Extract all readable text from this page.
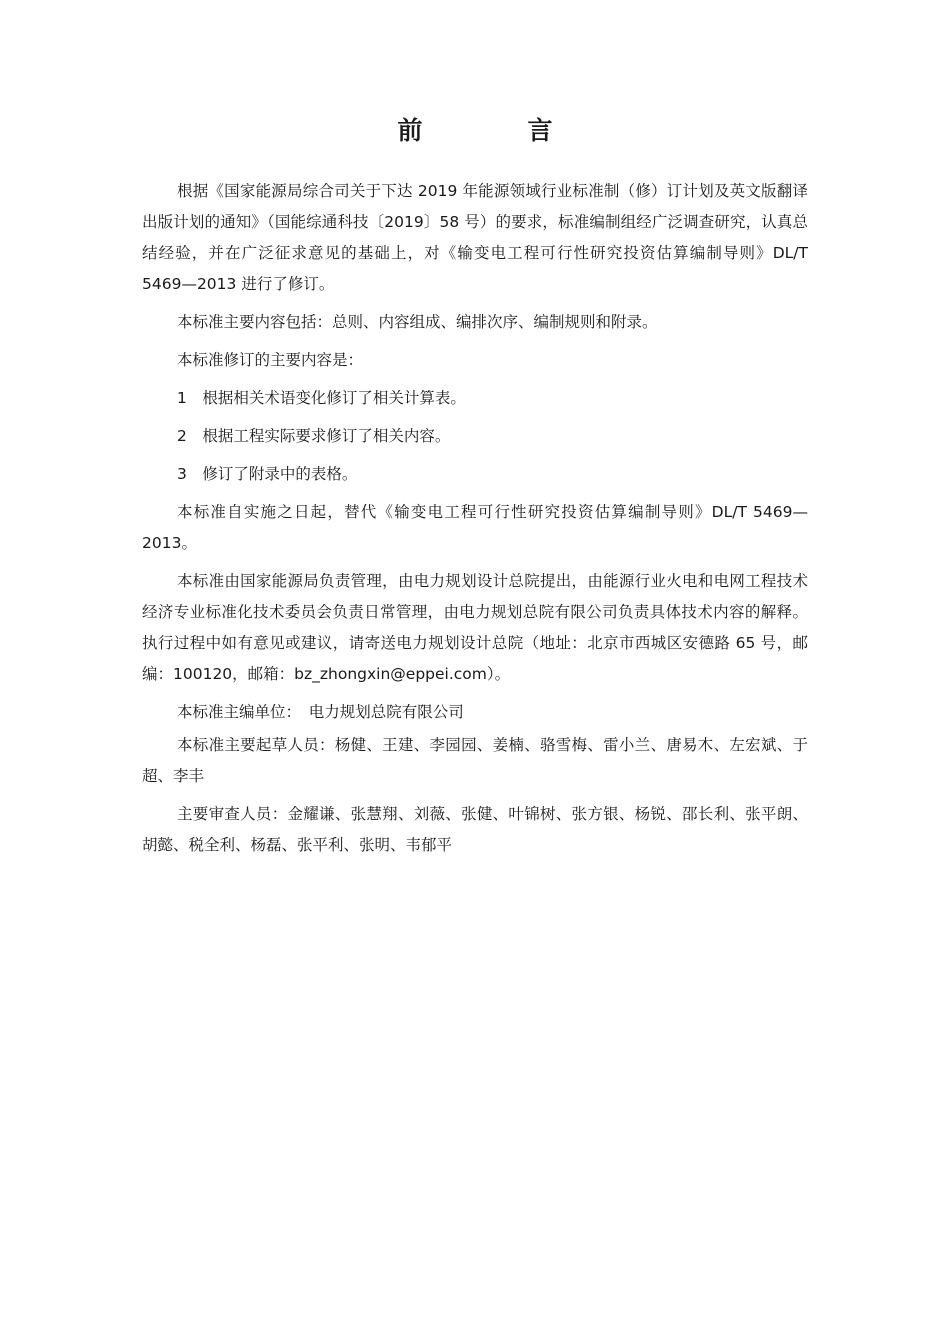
前　言

根据《国家能源局综合司关于下达 2019 年能源领域行业标准制（修）订计划及英文版翻译出版计划的通知》（国能综通科技〔2019〕58 号）的要求，标准编制组经广泛调查研究，认真总结经验，并在广泛征求意见的基础上，对《输变电工程可行性研究投资估算编制导则》DL/T 5469—2013 进行了修订。

本标准主要内容包括：总则、内容组成、编排次序、编制规则和附录。

本标准修订的主要内容是：

1　根据相关术语变化修订了相关计算表。

2　根据工程实际要求修订了相关内容。

3　修订了附录中的表格。

本标准自实施之日起，替代《输变电工程可行性研究投资估算编制导则》DL/T 5469—2013。

本标准由国家能源局负责管理，由电力规划设计总院提出，由能源行业火电和电网工程技术经济专业标准化技术委员会负责日常管理，由电力规划总院有限公司负责具体技术内容的解释。执行过程中如有意见或建议，请寄送电力规划设计总院（地址：北京市西城区安德路 65 号，邮编：100120，邮箱：bz_zhongxin@eppei.com）。

本标准主编单位：　电力规划总院有限公司

本标准主要起草人员：杨健、王建、李园园、姜楠、骆雪梅、雷小兰、唐易木、左宏斌、于超、李丰

主要审查人员：金耀谦、张慧翔、刘薇、张健、叶锦树、张方银、杨锐、邵长利、张平朗、胡懿、税全利、杨磊、张平利、张明、韦郁平
